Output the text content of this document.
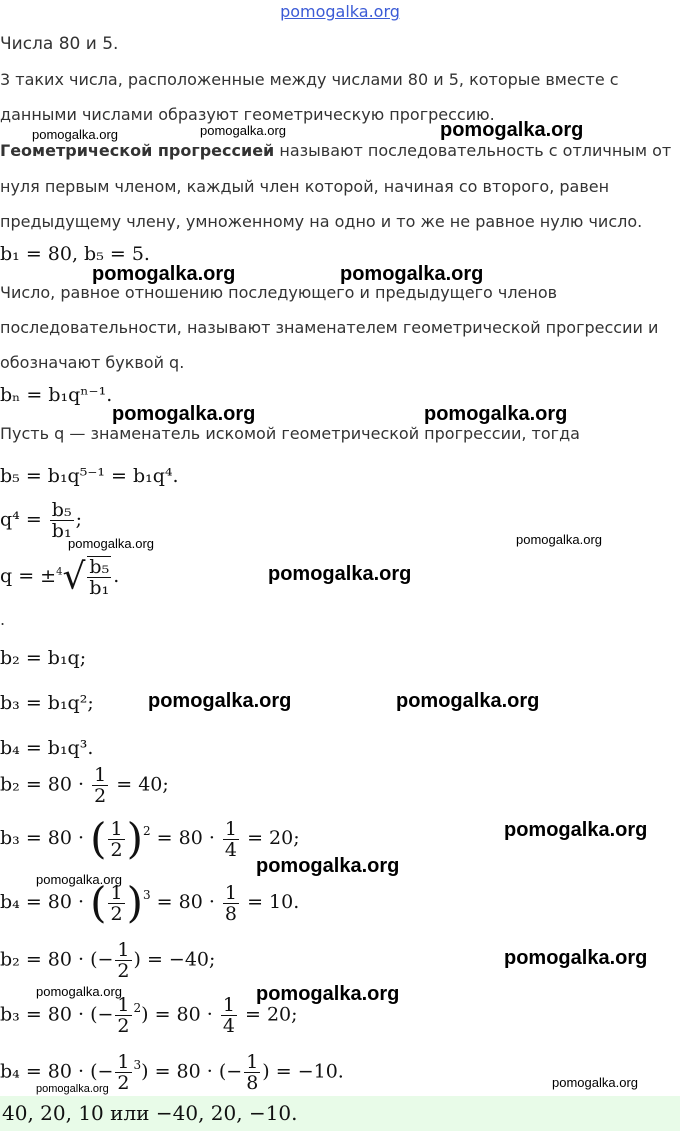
pomogalka.org
Числа 80 и 5.
3 таких числа, расположенные между числами 80 и 5, которые вместе с
данными числами образуют геометрическую прогрессию.
Геометрической прогрессией называют последовательность с отличным от
нуля первым членом, каждый член которой, начиная со второго, равен
предыдущему члену, умноженному на одно и то же не равное нулю число.
b₁ = 80, b₅ = 5.
Число, равное отношению последующего и предыдущего членов
последовательности, называют знаменателем геометрической прогрессии и
обозначают буквой q.
bₙ = b₁qⁿ⁻¹.
Пусть q — знаменатель искомой геометрической прогрессии, тогда
b₅ = b₁q⁵⁻¹ = b₁q⁴.
$q^4 = \frac{\text{b₅}}{\text{b₁}}$ ;
$q = \pm^4√ \frac{\text{b₅}}{\text{b₁}}$ .
.
b₂ = b₁q;
b₃ = b₁q²;
b₄ = b₁q³.
$b_2 = 80 \cdot \frac{1}{2} = 40$;
b₃ = 80 · ( $\frac{1}{2} )^2 = 80 \cdot \frac{1}{4} = 20$;
b₄ = 80 · ( $\frac{1}{2} )^3 = 80 \cdot \frac{1}{8} = 10$.
b₂ = 80 · (− $\frac{1}{2}$ ) = −40;
b₃ = 80 · (− $\frac{1}{2} ^2) = 80 \cdot \frac{1}{4} = 20$;
b₄ = 80 · (− $\frac{1}{2} ^3) = 80$ · (− $\frac{1}{8}$ ) = −10.
40, 20, 10 или −40, 20, −10.
pomogalka.org	pomogalka.org	pomogalka.org
pomogalka.org	pomogalka.org
pomogalka.org	pomogalka.org
pomogalka.org	pomogalka.org
pomogalka.org
pomogalka.org	pomogalka.org
pomogalka.org
pomogalka.org
pomogalka.org
pomogalka.org
pomogalka.org	pomogalka.org
pomogalka.org
pomogalka.org
